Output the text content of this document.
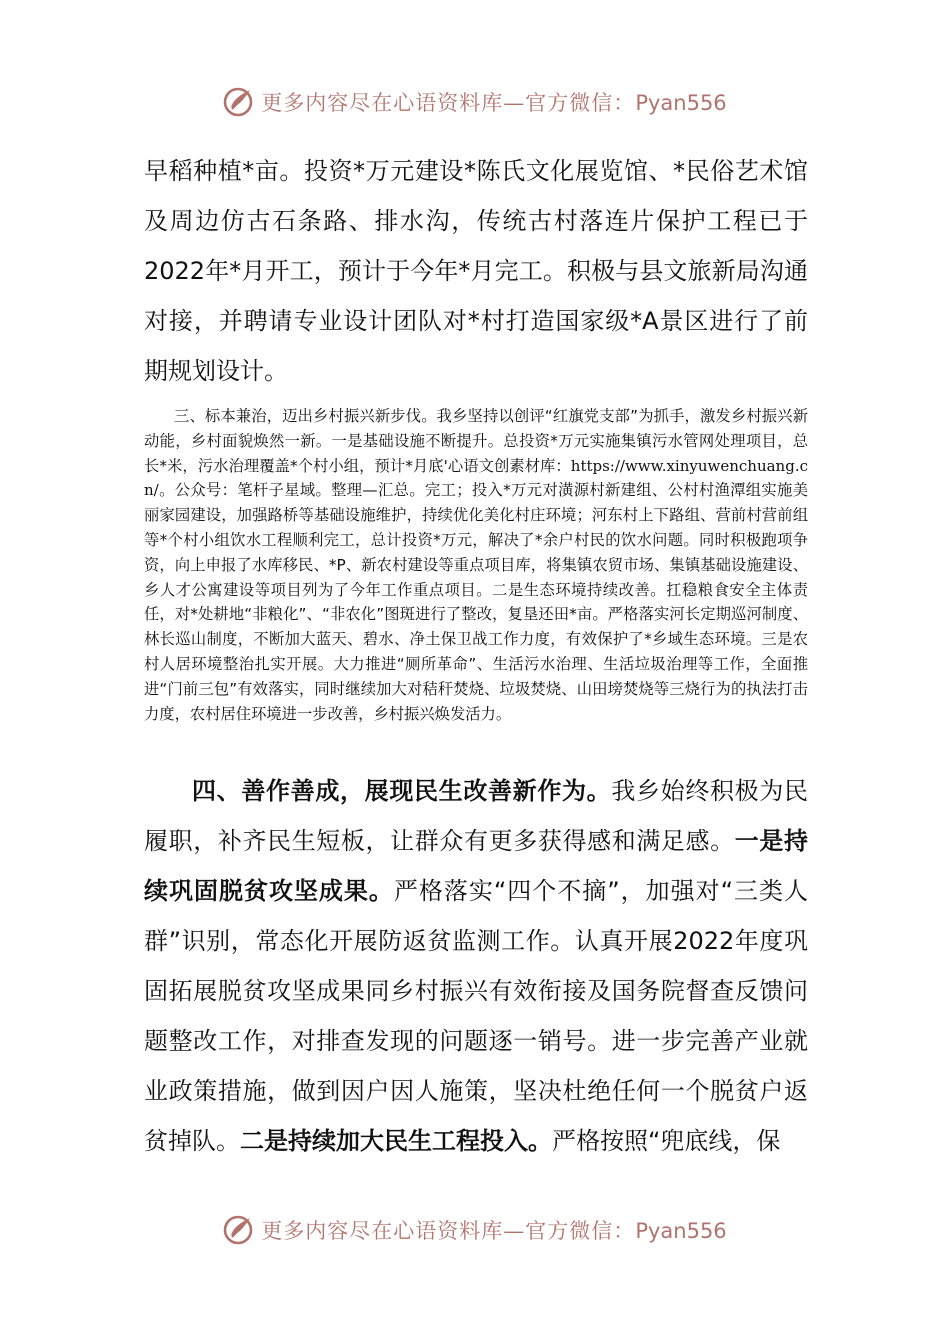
更多内容尽在心语资料库—官方微信：Pyan556

早稻种植*亩。投资*万元建设*陈氏文化展览馆、*民俗艺术馆及周边仿古石条路、排水沟，传统古村落连片保护工程已于2022年*月开工，预计于今年*月完工。积极与县文旅新局沟通对接，并聘请专业设计团队对*村打造国家级*A景区进行了前期规划设计。

三、标本兼治，迈出乡村振兴新步伐。我乡坚持以创评“红旗党支部”为抓手，激发乡村振兴新动能，乡村面貌焕然一新。一是基础设施不断提升。总投资*万元实施集镇污水管网处理项目，总长*米，污水治理覆盖*个村小组，预计*月底'心语文创素材库：https://www.xinyuwenchuang.cn/。公众号：笔杆子星域。整理—汇总。完工；投入*万元对潢源村新建组、公村村渔潭组实施美丽家园建设，加强路桥等基础设施维护，持续优化美化村庄环境；河东村上下路组、营前村营前组等*个村小组饮水工程顺利完工，总计投资*万元，解决了*余户村民的饮水问题。同时积极跑项争资，向上申报了水库移民、*P、新农村建设等重点项目库，将集镇农贸市场、集镇基础设施建设、乡人才公寓建设等项目列为了今年工作重点项目。二是生态环境持续改善。扛稳粮食安全主体责任，对*处耕地“非粮化”、“非农化”图斑进行了整改，复垦还田*亩。严格落实河长定期巡河制度、林长巡山制度，不断加大蓝天、碧水、净土保卫战工作力度，有效保护了*乡域生态环境。三是农村人居环境整治扎实开展。大力推进“厕所革命”、生活污水治理、生活垃圾治理等工作，全面推进“门前三包”有效落实，同时继续加大对秸秆焚烧、垃圾焚烧、山田塝焚烧等三烧行为的执法打击力度，农村居住环境进一步改善，乡村振兴焕发活力。

四、善作善成，展现民生改善新作为。我乡始终积极为民履职，补齐民生短板，让群众有更多获得感和满足感。一是持续巩固脱贫攻坚成果。严格落实“四个不摘”，加强对“三类人群”识别，常态化开展防返贫监测工作。认真开展2022年度巩固拓展脱贫攻坚成果同乡村振兴有效衔接及国务院督查反馈问题整改工作，对排查发现的问题逐一销号。进一步完善产业就业政策措施，做到因户因人施策，坚决杜绝任何一个脱贫户返贫掉队。二是持续加大民生工程投入。严格按照“兜底线，保

更多内容尽在心语资料库—官方微信：Pyan556
